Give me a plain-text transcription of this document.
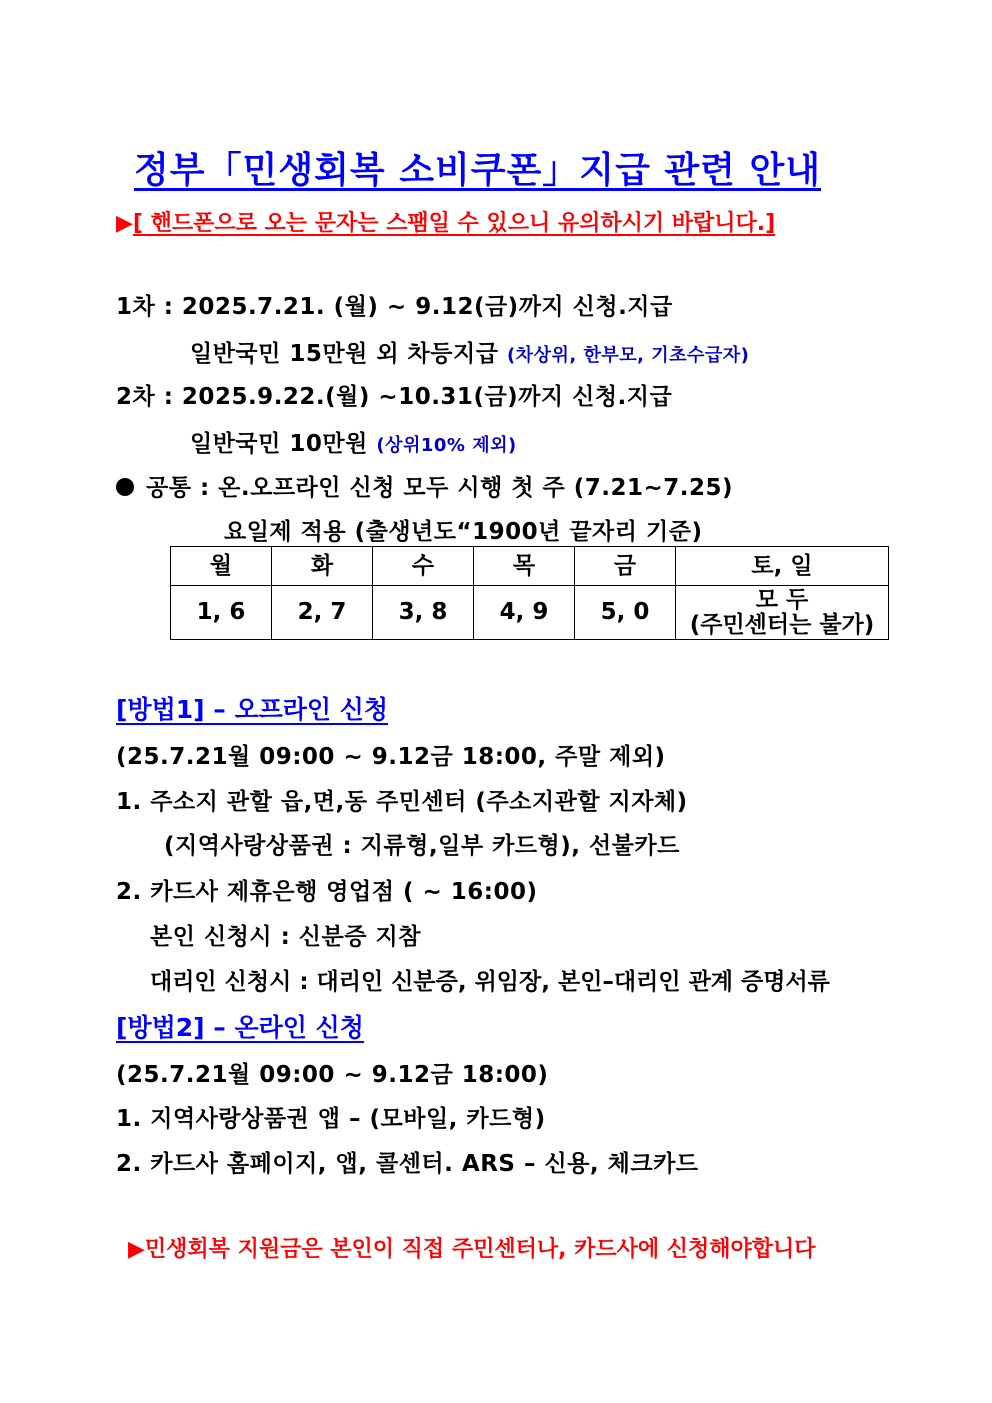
정부「민생회복 소비쿠폰」지급 관련 안내
▶[ 핸드폰으로 오는 문자는 스팸일 수 있으니 유의하시기 바랍니다.]
1차 : 2025.7.21. (월) ~ 9.12(금)까지 신청.지급
일반국민 15만원 외 차등지급 (차상위, 한부모, 기초수급자)
2차 : 2025.9.22.(월) ~10.31(금)까지 신청.지급
일반국민 10만원 (상위10% 제외)
공통 : 온.오프라인 신청 모두 시행 첫 주 (7.21~7.25)
요일제 적용 (출생년도“1900년 끝자리 기준)
월	화	수	목	금	토, 일
1, 6	2, 7	3, 8	4, 9	5, 0	모 두
(주민센터는 불가)
[방법1] – 오프라인 신청
(25.7.21월 09:00 ~ 9.12금 18:00, 주말 제외)
1. 주소지 관할 읍,면,동 주민센터 (주소지관할 지자체)
(지역사랑상품권 : 지류형,일부 카드형), 선불카드
2. 카드사 제휴은행 영업점 ( ~ 16:00)
본인 신청시 : 신분증 지참
대리인 신청시 : 대리인 신분증, 위임장, 본인–대리인 관계 증명서류
[방법2] – 온라인 신청
(25.7.21월 09:00 ~ 9.12금 18:00)
1. 지역사랑상품권 앱 – (모바일, 카드형)
2. 카드사 홈페이지, 앱, 콜센터. ARS – 신용, 체크카드
▶민생회복 지원금은 본인이 직접 주민센터나, 카드사에 신청해야합니다
